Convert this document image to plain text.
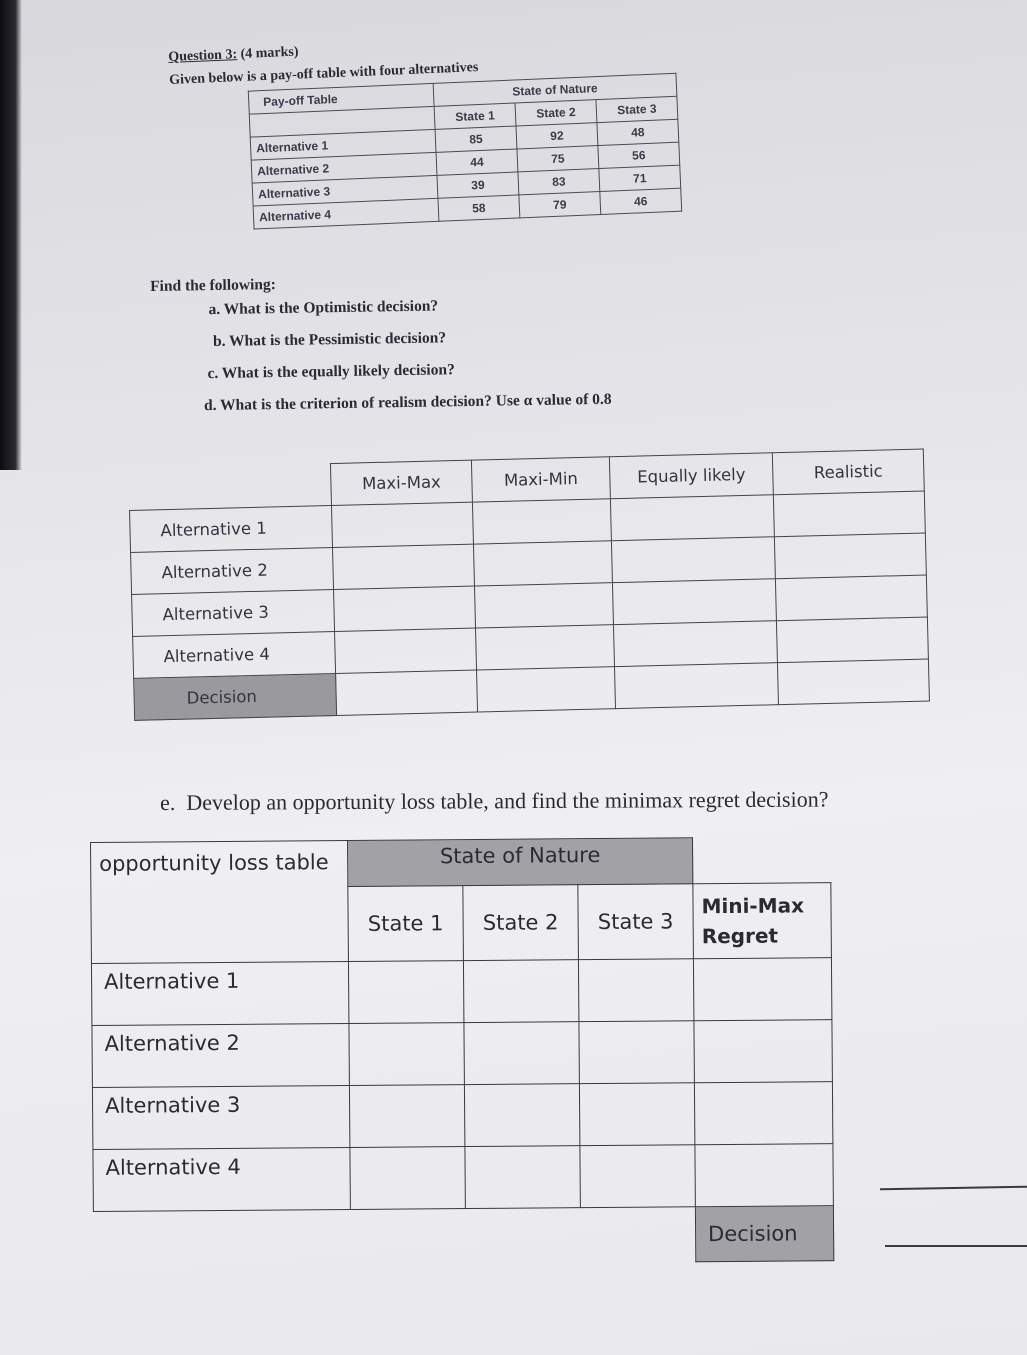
Question 3: (4 marks)
Given below is a pay-off table with four alternatives
Pay-off Table	State of Nature		
	State 1	State 2	State 3
Alternative 1	85	92	48
Alternative 2	44	75	56
Alternative 3	39	83	71
Alternative 4	58	79	46
Find the following:
a. What is the Optimistic decision?
b. What is the Pessimistic decision?
c. What is the equally likely decision?
d. What is the criterion of realism decision? Use α value of 0.8
	Maxi-Max	Maxi-Min	Equally likely	Realistic
Alternative 1				
Alternative 2				
Alternative 3				
Alternative 4				
Decision				
e. Develop an opportunity loss table, and find the minimax regret decision?
opportunity loss table	State of Nature			
	State 1	State 2	State 3	Mini-Max Regret
Alternative 1				
Alternative 2				
Alternative 3				
Alternative 4				
				Decision
